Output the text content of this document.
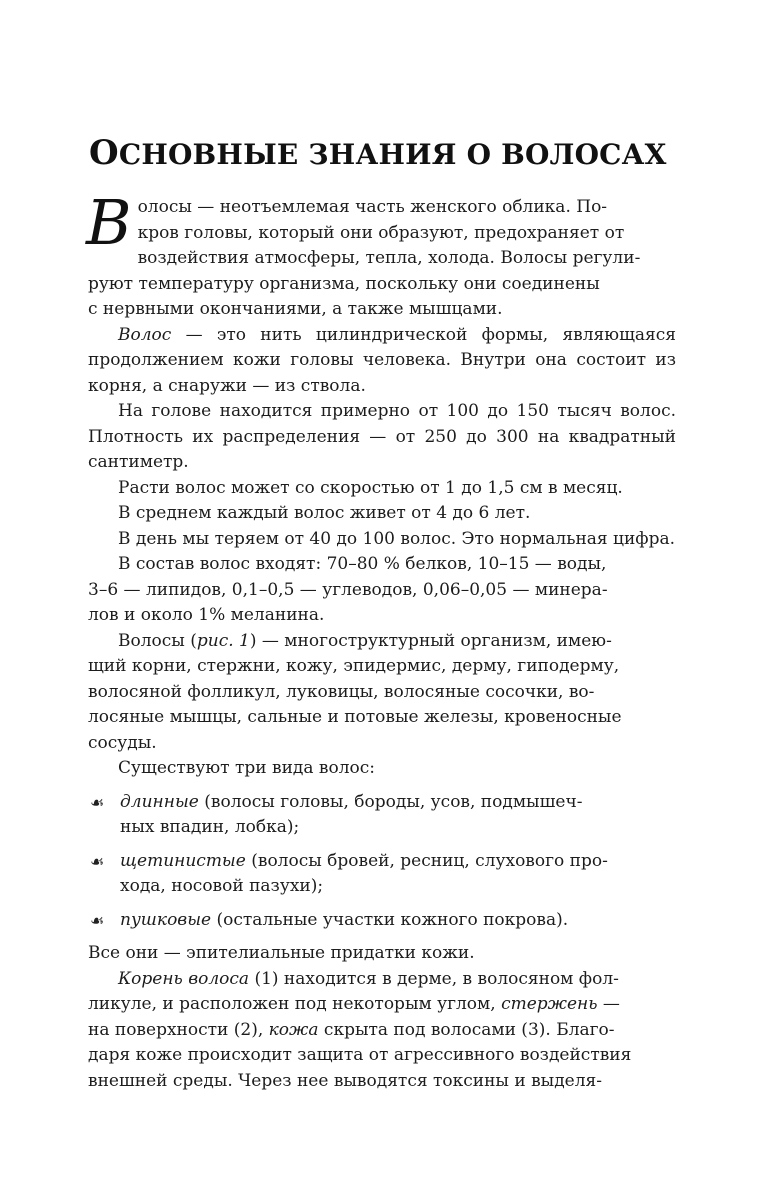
ОСНОВНЫЕ ЗНАНИЯ О ВОЛОСАХ
В олосы — неотъемлемая часть женского облика. По-
кров головы, который они образуют, предохраняет от
воздействия атмосферы, тепла, холода. Волосы регули-
руют температуру организма, поскольку они соединены
с нервными окончаниями, а также мышцами.

Волос — это нить цилиндрической формы, являющаяся продолжением кожи головы человека. Внутри она состоит из корня, а снаружи — из ствола.

На голове находится примерно от 100 до 150 тысяч волос. Плотность их распределения — от 250 до 300 на квадратный сантиметр.

Расти волос может со скоростью от 1 до 1,5 см в месяц.

В среднем каждый волос живет от 4 до 6 лет.

В день мы теряем от 40 до 100 волос. Это нормальная цифра.

В состав волос входят: 70–80 % белков, 10–15 — воды,
3–6 — липидов, 0,1–0,5 — углеводов, 0,06–0,05 — минера-
лов и около 1% меланина.
Волосы (рис. 1) — многоструктурный организм, имею-
щий корни, стержни, кожу, эпидермис, дерму, гиподерму,
волосяной фолликул, луковицы, волосяные сосочки, во-
лосяные мышцы, сальные и потовые железы, кровеносные
сосуды.

Существуют три вида волос:

☙ длинные (волосы головы, бороды, усов, подмышеч-
ных впадин, лобка);
☙ щетинистые (волосы бровей, ресниц, слухового про-
хода, носовой пазухи);
☙ пушковые (остальные участки кожного покрова).

Все они — эпителиальные придатки кожи.

Корень волоса (1) находится в дерме, в волосяном фол-
ликуле, и расположен под некоторым углом, стержень —
на поверхности (2), кожа скрыта под волосами (3). Благо-
даря коже происходит защита от агрессивного воздействия
внешней среды. Через нее выводятся токсины и выделя-
